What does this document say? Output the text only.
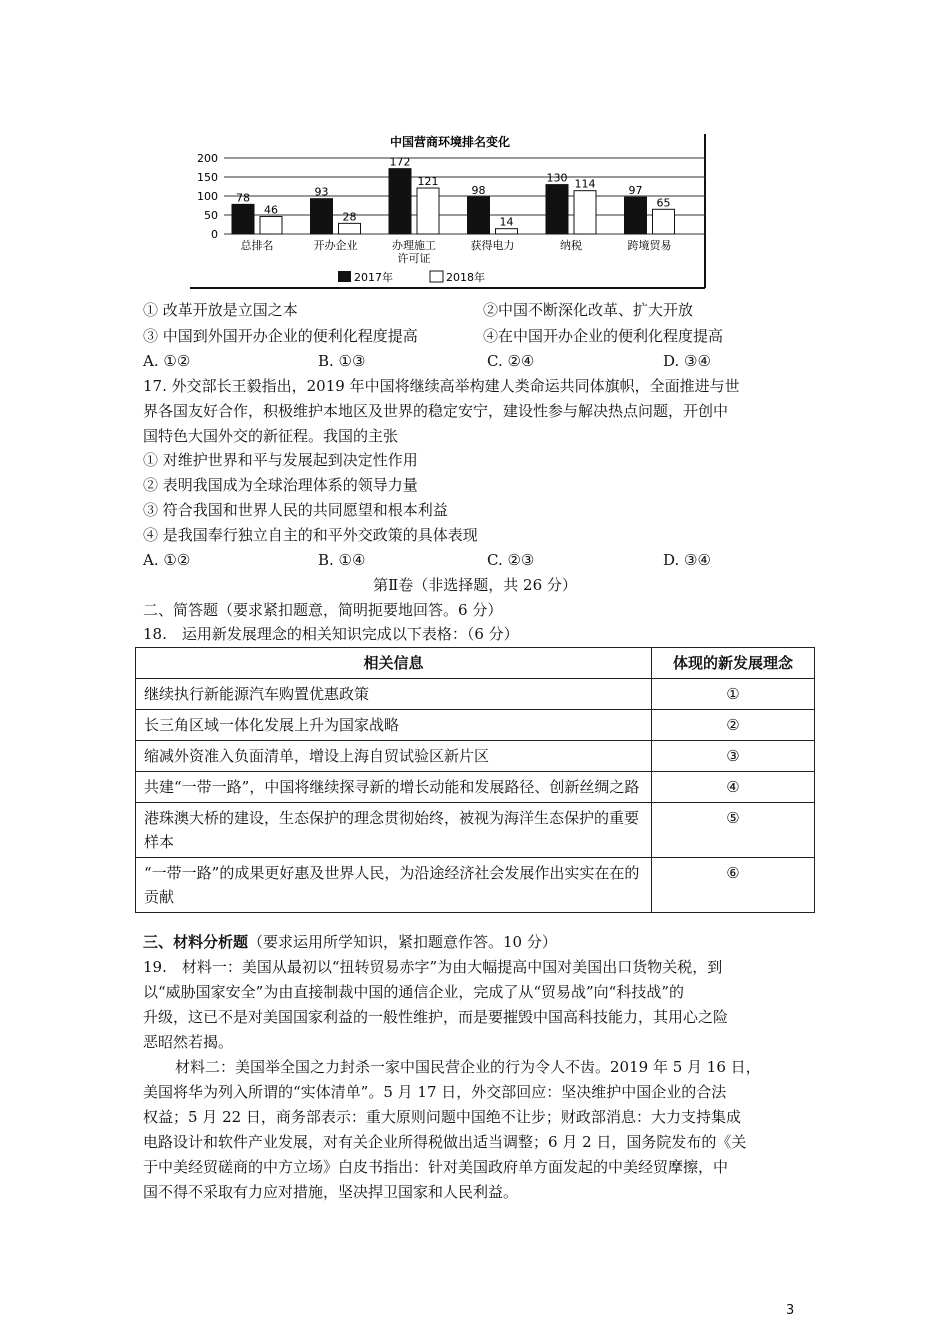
中国营商环境排名变化
200
150
100
50
0
78
46
93
28
172
121
98
14
130 114	97
65
总排名	开办企业	办理施工
许可证
获得电力	纳税	跨境贸易
2017年	2018年
① 改革开放是立国之本	②中国不断深化改革、扩大开放
③ 中国到外国开办企业的便利化程度提高	④在中国开办企业的便利化程度提高
A. ①②	B. ①③	C. ②④	D. ③④
17. 外交部长王毅指出，2019 年中国将继续高举构建人类命运共同体旗帜，全面推进与世
界各国友好合作，积极维护本地区及世界的稳定安宁，建设性参与解决热点问题，开创中
国特色大国外交的新征程。我国的主张
① 对维护世界和平与发展起到决定性作用
② 表明我国成为全球治理体系的领导力量
③ 符合我国和世界人民的共同愿望和根本利益
④ 是我国奉行独立自主的和平外交政策的具体表现
A. ①②	B. ①④	C. ②③	D. ③④
第Ⅱ卷（非选择题，共 26 分）
二、简答题（要求紧扣题意，简明扼要地回答。6 分）
18.　运用新发展理念的相关知识完成以下表格：（6 分）
相关信息	体现的新发展理念
继续执行新能源汽车购置优惠政策	①
长三角区域一体化发展上升为国家战略	②
缩减外资准入负面清单，增设上海自贸试验区新片区	③
共建“一带一路”，中国将继续探寻新的增长动能和发展路径、创新丝绸之路	④
港珠澳大桥的建设，生态保护的理念贯彻始终，被视为海洋生态保护的重要样本	⑤
“一带一路”的成果更好惠及世界人民，为沿途经济社会发展作出实实在在的贡献	⑥
三、材料分析题（要求运用所学知识，紧扣题意作答。10 分）
19.　材料一：美国从最初以“扭转贸易赤字”为由大幅提高中国对美国出口货物关税，到
以“威胁国家安全”为由直接制裁中国的通信企业，完成了从“贸易战”向“科技战”的
升级，这已不是对美国国家利益的一般性维护，而是要摧毁中国高科技能力，其用心之险
恶昭然若揭。
材料二：美国举全国之力封杀一家中国民营企业的行为令人不齿。2019 年 5 月 16 日，
美国将华为列入所谓的“实体清单”。5 月 17 日，外交部回应：坚决维护中国企业的合法
权益；5 月 22 日，商务部表示：重大原则问题中国绝不让步；财政部消息：大力支持集成
电路设计和软件产业发展，对有关企业所得税做出适当调整；6 月 2 日，国务院发布的《关
于中美经贸磋商的中方立场》白皮书指出：针对美国政府单方面发起的中美经贸摩擦，中
国不得不采取有力应对措施，坚决捍卫国家和人民利益。
3
